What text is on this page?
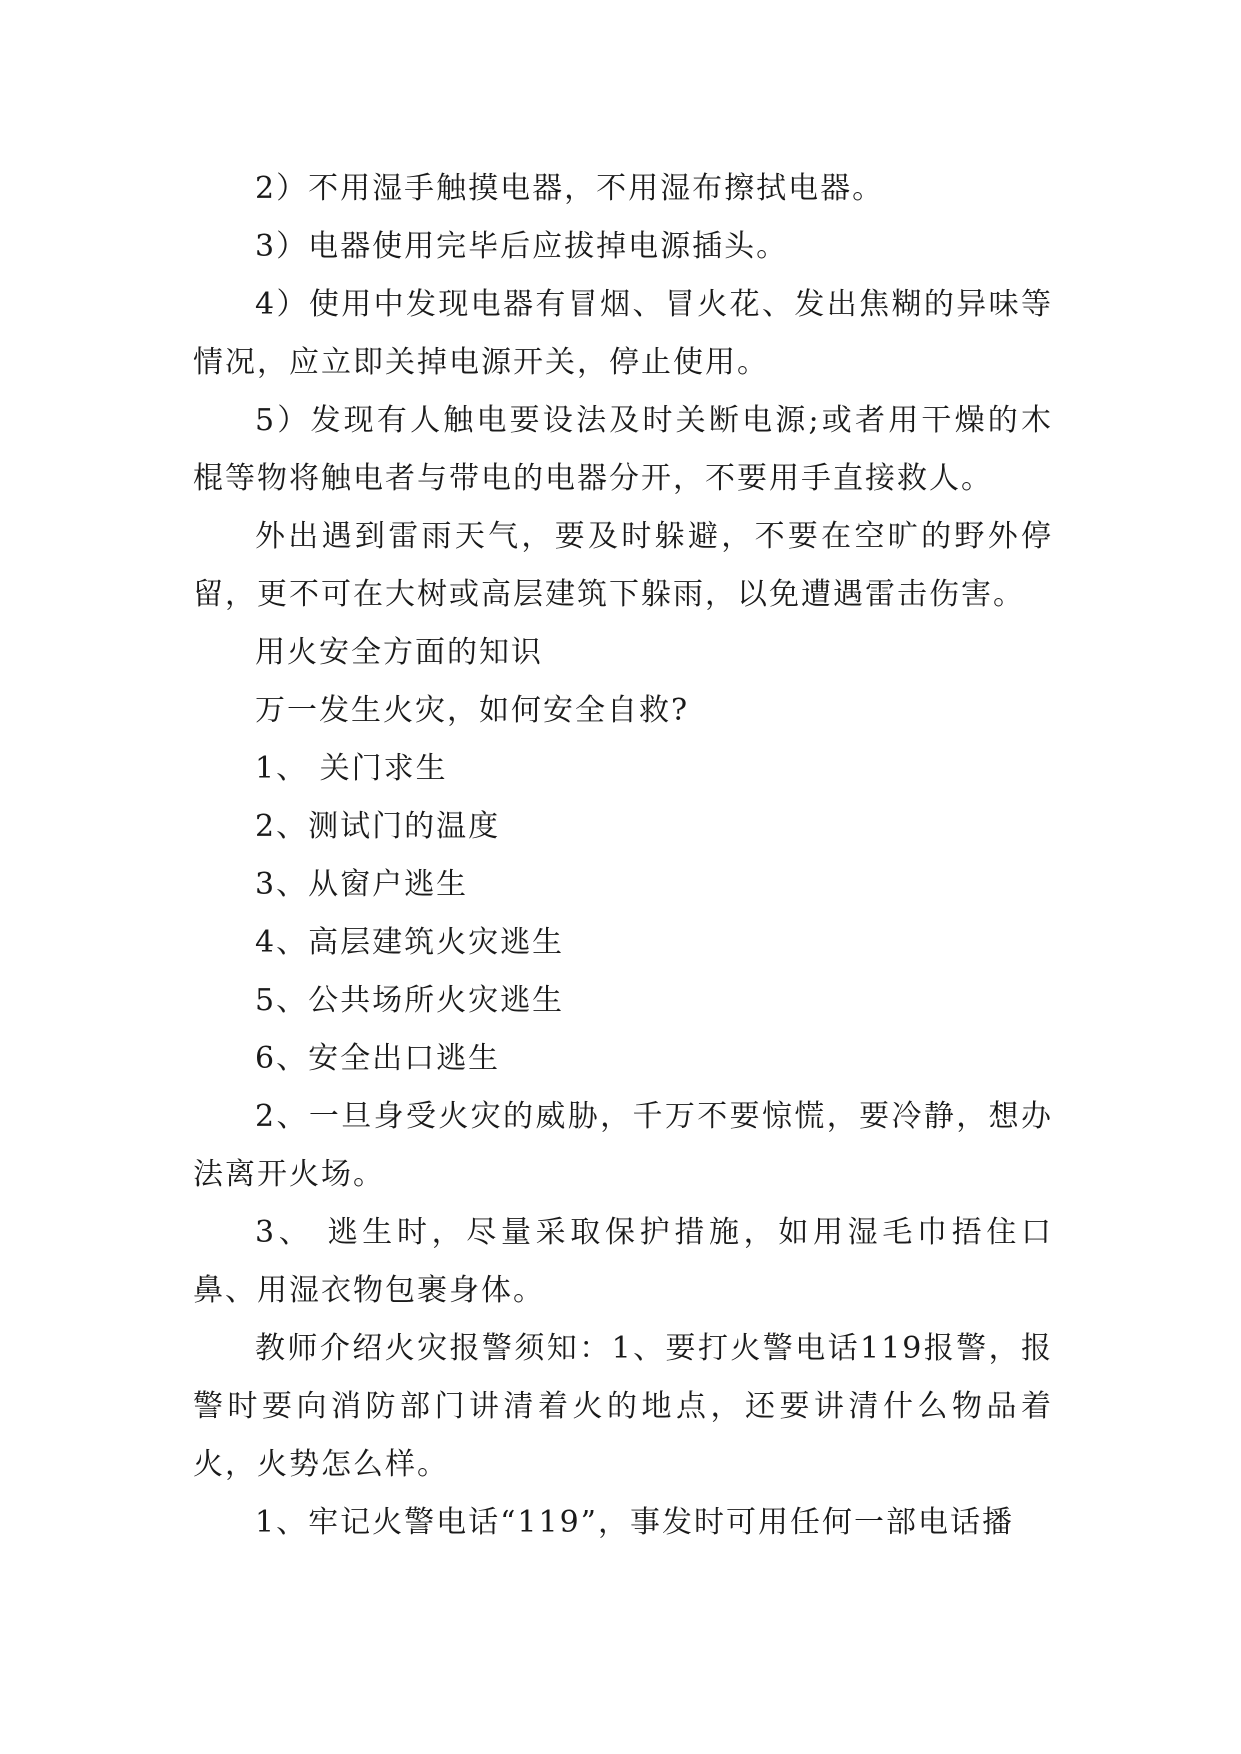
2）不用湿手触摸电器，不用湿布擦拭电器。

3）电器使用完毕后应拔掉电源插头。

4）使用中发现电器有冒烟、冒火花、发出焦糊的异味等情况，应立即关掉电源开关，停止使用。

5）发现有人触电要设法及时关断电源;或者用干燥的木棍等物将触电者与带电的电器分开，不要用手直接救人。

外出遇到雷雨天气，要及时躲避，不要在空旷的野外停留，更不可在大树或高层建筑下躲雨，以免遭遇雷击伤害。

用火安全方面的知识

万一发生火灾，如何安全自救?

1、 关门求生

2、测试门的温度

3、从窗户逃生

4、高层建筑火灾逃生

5、公共场所火灾逃生

6、安全出口逃生

2、一旦身受火灾的威胁，千万不要惊慌，要冷静，想办法离开火场。

3、 逃生时，尽量采取保护措施，如用湿毛巾捂住口鼻、用湿衣物包裹身体。

教师介绍火灾报警须知：1、要打火警电话119报警，报警时要向消防部门讲清着火的地点，还要讲清什么物品着火，火势怎么样。

1、牢记火警电话“119”，事发时可用任何一部电话播
